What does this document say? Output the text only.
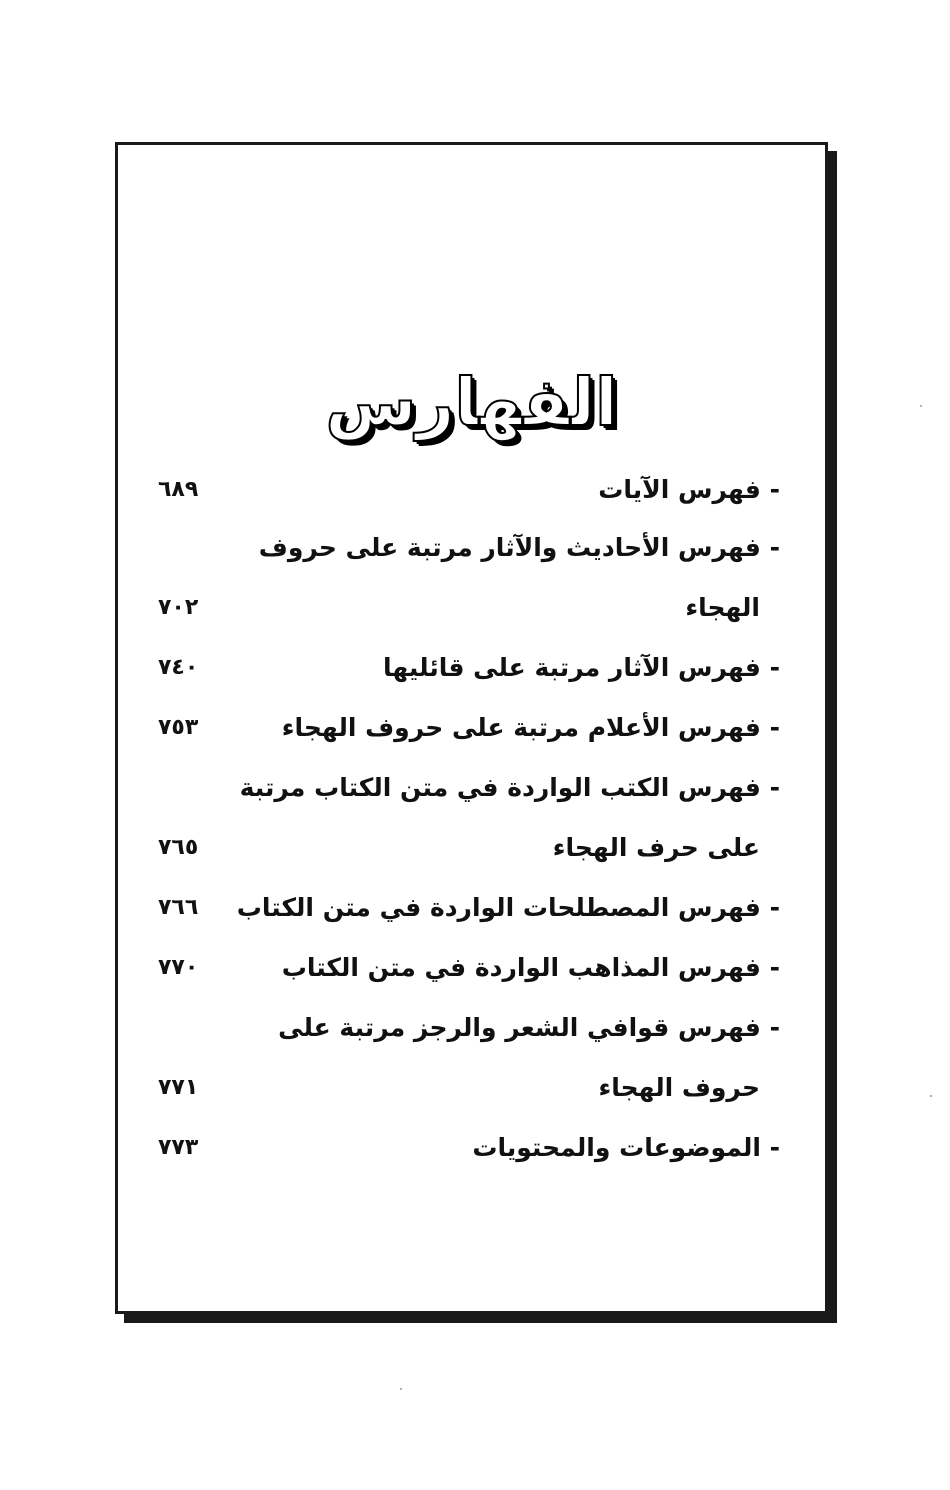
الفهارس
- فهرس الآيات
٦٨٩
- فهرس الأحاديث والآثار مرتبة على حروف
الهجاء
٧٠٢
- فهرس الآثار مرتبة على قائليها
٧٤٠
- فهرس الأعلام مرتبة على حروف الهجاء
٧٥٣
- فهرس الكتب الواردة في متن الكتاب مرتبة
على حرف الهجاء
٧٦٥
- فهرس المصطلحات الواردة في متن الكتاب
٧٦٦
- فهرس المذاهب الواردة في متن الكتاب
٧٧٠
- فهرس قوافي الشعر والرجز مرتبة على
حروف الهجاء
٧٧١
- الموضوعات والمحتويات
٧٧٣
